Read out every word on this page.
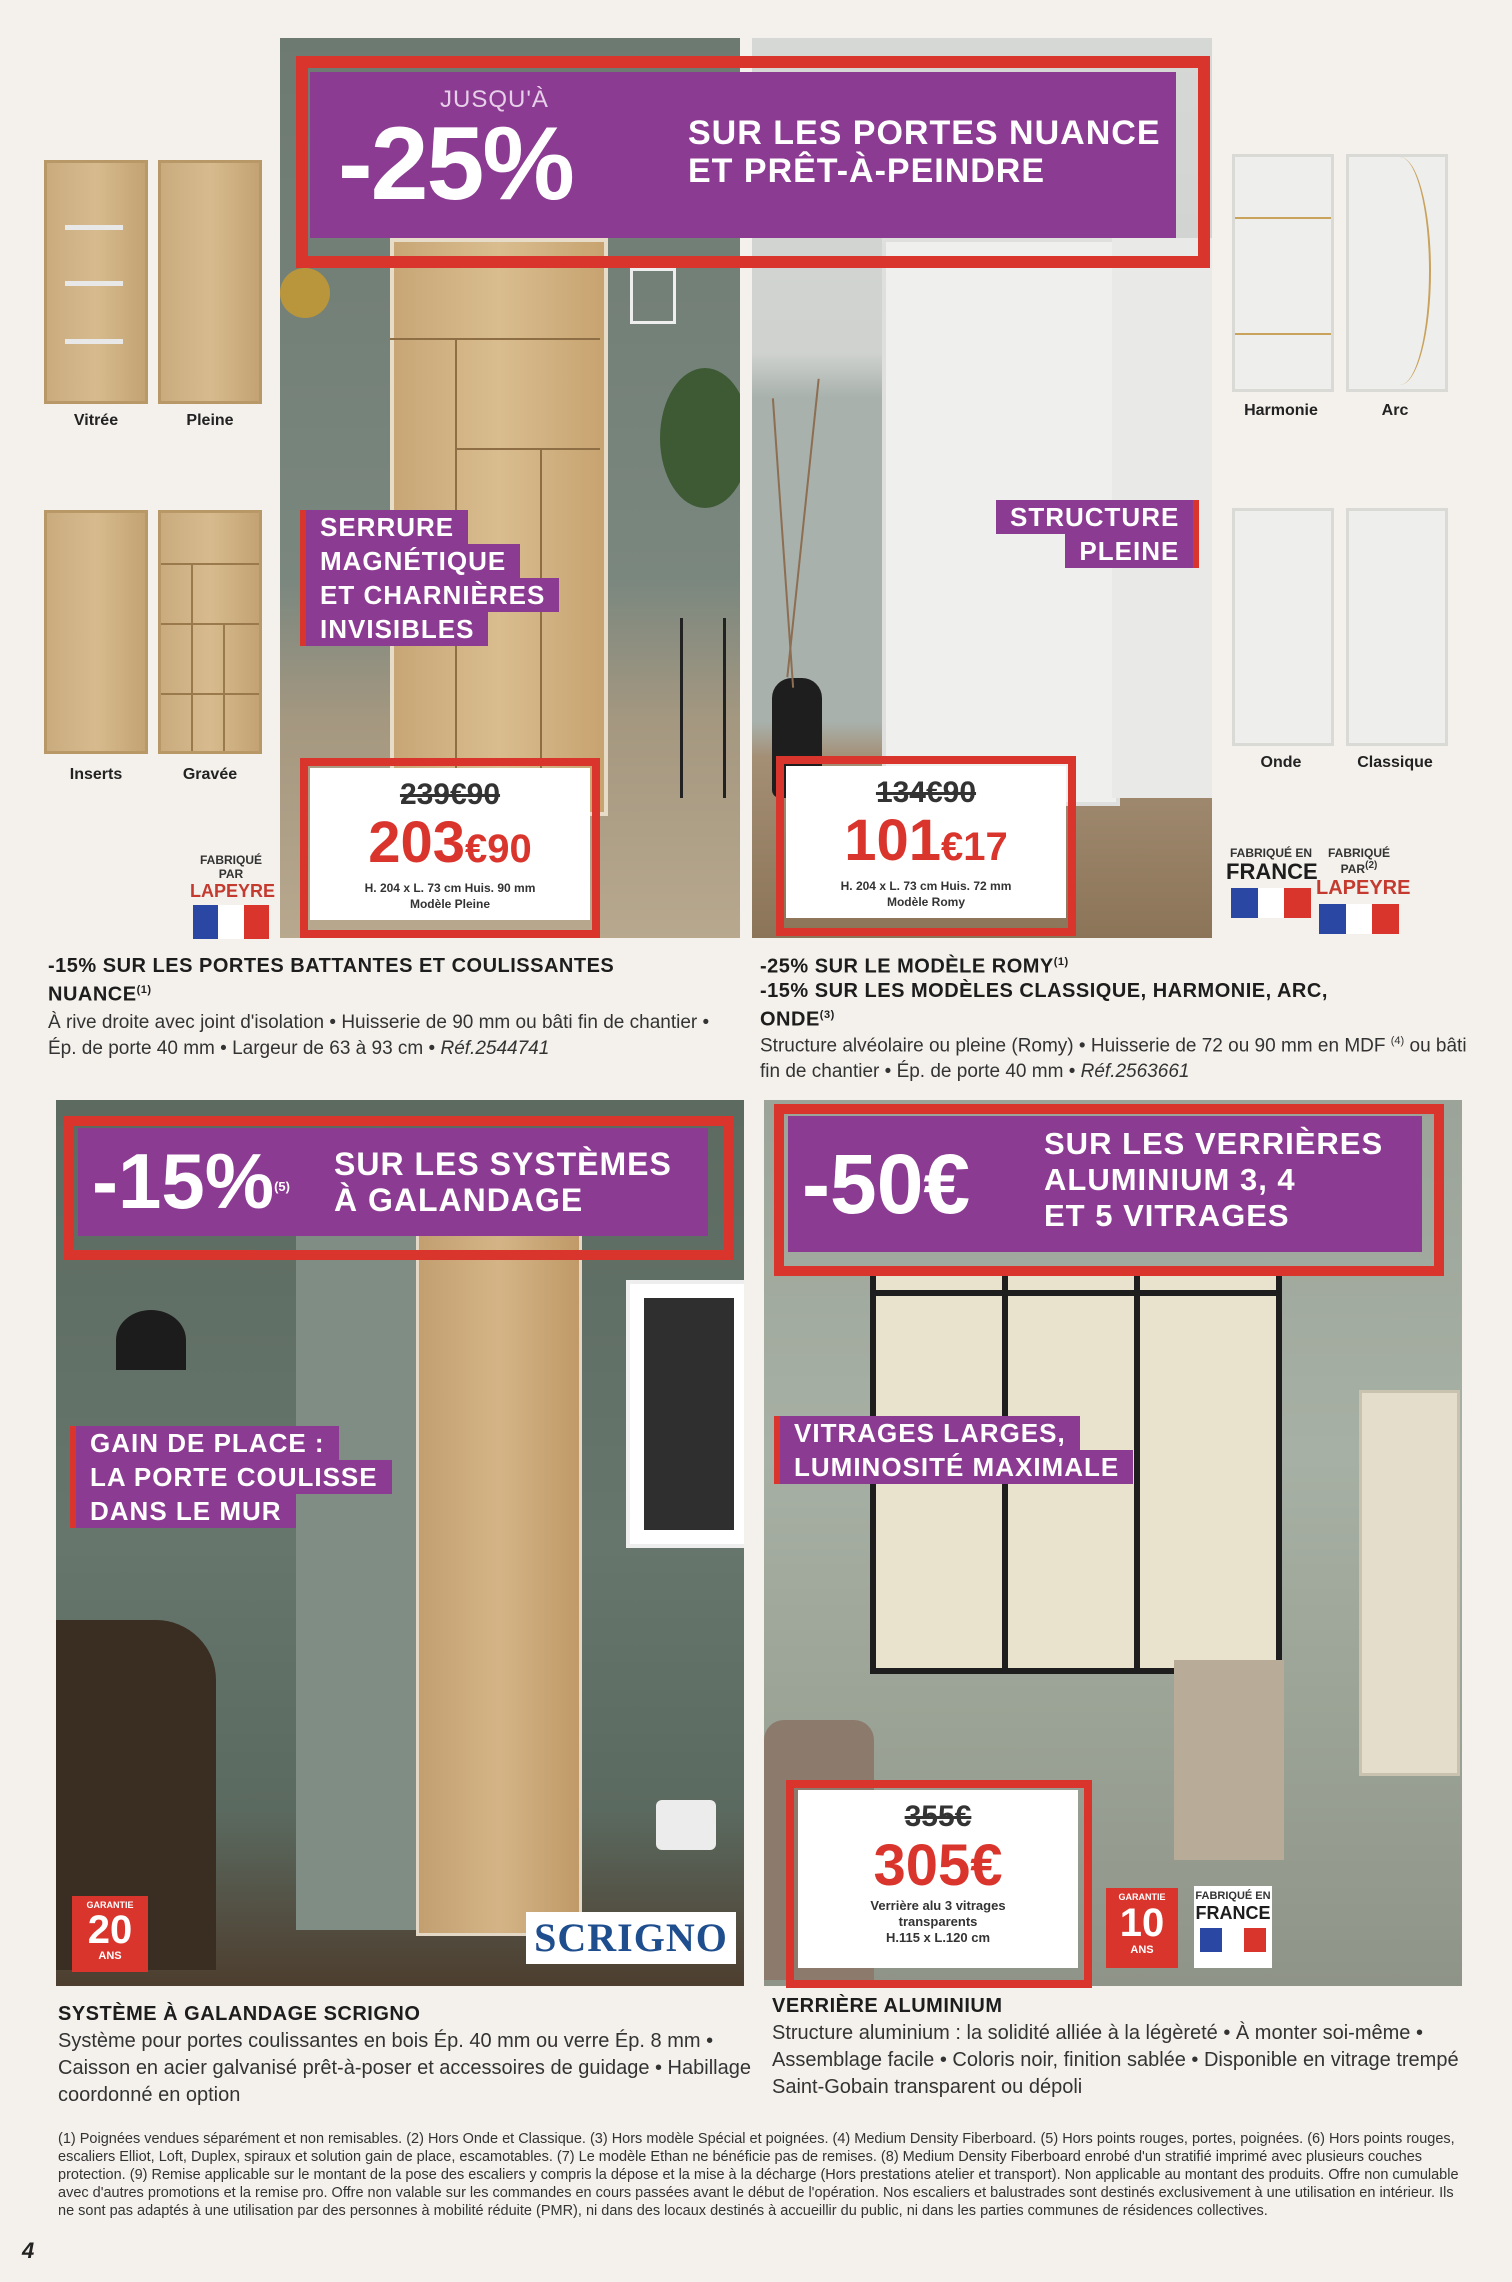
Vitrée	Pleine
Inserts	Gravée
FABRIQUÉ PAR
LAPEYRE
JUSQU'À
-25%	SUR LES PORTES NUANCE
ET PRÊT-À-PEINDRE
SERRURE
MAGNÉTIQUE
ET CHARNIÈRES
INVISIBLES
STRUCTURE
PLEINE
239€90
203€90
H. 204 x L. 73 cm Huis. 90 mm
Modèle Pleine
134€90
101€17
H. 204 x L. 73 cm Huis. 72 mm
Modèle Romy
Harmonie	Arc
Onde	Classique
FABRIQUÉ EN
FRANCE
FABRIQUÉ PAR$^{(2)}$
LAPEYRE
-15% SUR LES PORTES BATTANTES ET COULISSANTES
NUANCE$^{(1)}$
À rive droite avec joint d'isolation • Huisserie de 90 mm ou bâti fin de chantier • Ép. de porte 40 mm • Largeur de 63 à 93 cm • Réf.2544741
-25% SUR LE MODÈLE ROMY$^{(1)}$
-15% SUR LES MODÈLES CLASSIQUE, HARMONIE, ARC,
ONDE$^{(3)}$
Structure alvéolaire ou pleine (Romy) • Huisserie de 72 ou 90 mm en MDF $^{(4)}$ ou bâti fin de chantier • Ép. de porte 40 mm • Réf.2563661
-15%$^{(5)}$
SUR LES SYSTÈMES
À GALANDAGE
GAIN DE PLACE :
LA PORTE COULISSE
DANS LE MUR
GARANTIE
20
ANS	SCRIGNO
-50€ SUR LES VERRIÈRES
ALUMINIUM 3, 4
ET 5 VITRAGES
VITRAGES LARGES,
LUMINOSITÉ MAXIMALE
355€
305€
Verrière alu 3 vitrages
transparents
H.115 x L.120 cm
GARANTIE
10
ANS
FABRIQUÉ EN
FRANCE
SYSTÈME À GALANDAGE SCRIGNO
Système pour portes coulissantes en bois Ép. 40 mm ou verre Ép. 8 mm • Caisson en acier galvanisé prêt-à-poser et accessoires de guidage • Habillage coordonné en option
VERRIÈRE ALUMINIUM
Structure aluminium : la solidité alliée à la légèreté • À monter soi-même • Assemblage facile • Coloris noir, finition sablée • Disponible en vitrage trempé Saint-Gobain transparent ou dépoli
(1) Poignées vendues séparément et non remisables. (2) Hors Onde et Classique. (3) Hors modèle Spécial et poignées. (4) Medium Density Fiberboard. (5) Hors points rouges, portes, poignées. (6) Hors points rouges, escaliers Elliot, Loft, Duplex, spiraux et solution gain de place, escamotables. (7) Le modèle Ethan ne bénéficie pas de remises. (8) Medium Density Fiberboard enrobé d'un stratifié imprimé avec plusieurs couches protection. (9) Remise applicable sur le montant de la pose des escaliers y compris la dépose et la mise à la décharge (Hors prestations atelier et transport). Non applicable au montant des produits. Offre non cumulable avec d'autres promotions et la remise pro. Offre non valable sur les commandes en cours passées avant le début de l'opération. Nos escaliers et balustrades sont destinés exclusivement à une utilisation en intérieur. Ils ne sont pas adaptés à une utilisation par des personnes à mobilité réduite (PMR), ni dans des locaux destinés à accueillir du public, ni dans les parties communes de résidences collectives.
4
